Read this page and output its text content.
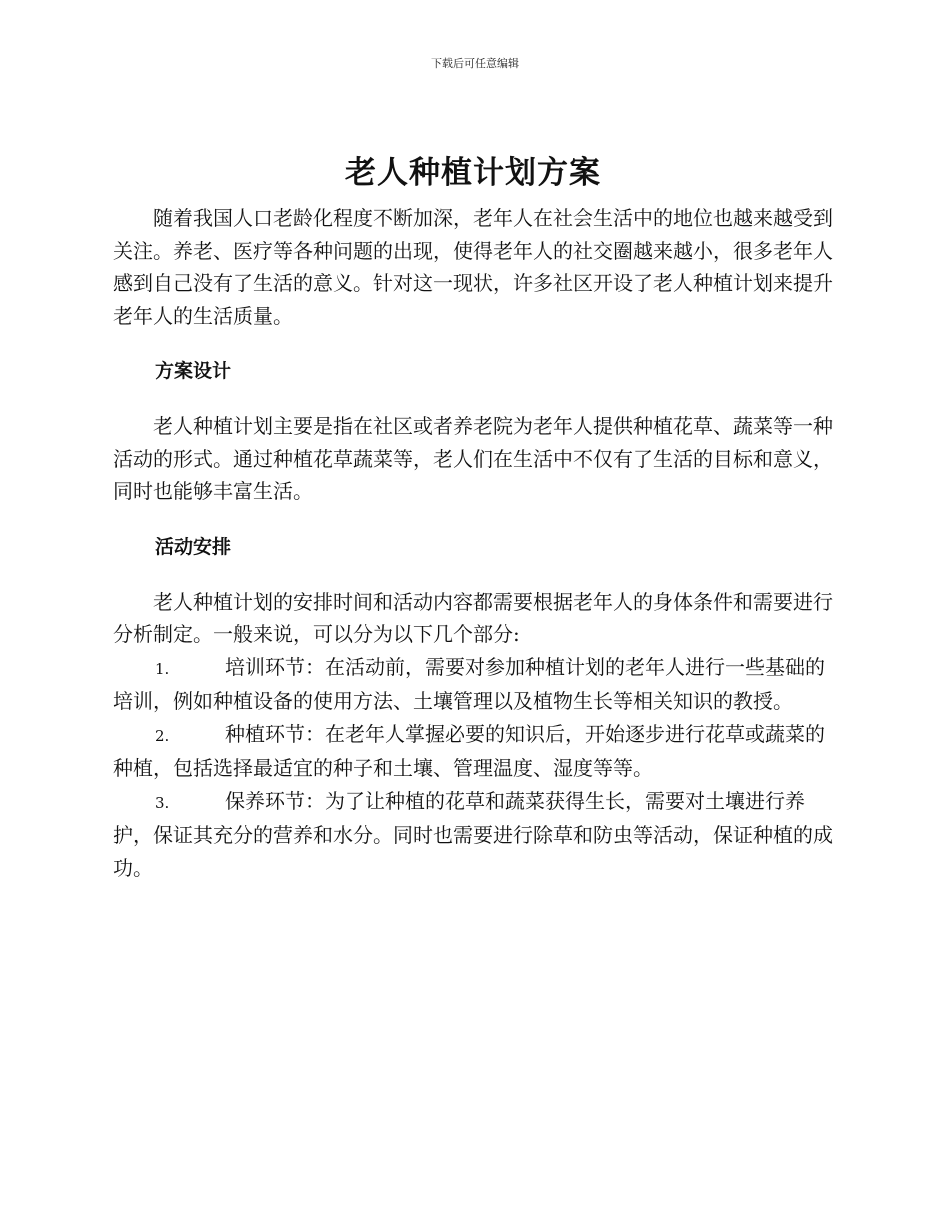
下载后可任意编辑
老人种植计划方案

随着我国人口老龄化程度不断加深，老年人在社会生活中的地位也越来越受到关注。养老、医疗等各种问题的出现，使得老年人的社交圈越来越小，很多老年人感到自己没有了生活的意义。针对这一现状，许多社区开设了老人种植计划来提升老年人的生活质量。

方案设计

老人种植计划主要是指在社区或者养老院为老年人提供种植花草、蔬菜等一种活动的形式。通过种植花草蔬菜等，老人们在生活中不仅有了生活的目标和意义，同时也能够丰富生活。

活动安排

老人种植计划的安排时间和活动内容都需要根据老年人的身体条件和需要进行分析制定。一般来说，可以分为以下几个部分:

1.	培训环节：在活动前，需要对参加种植计划的老年人进行一些基础的培训，例如种植设备的使用方法、土壤管理以及植物生长等相关知识的教授。

2.	种植环节：在老年人掌握必要的知识后，开始逐步进行花草或蔬菜的种植，包括选择最适宜的种子和土壤、管理温度、湿度等等。

3.	保养环节：为了让种植的花草和蔬菜获得生长，需要对土壤进行养护，保证其充分的营养和水分。同时也需要进行除草和防虫等活动，保证种植的成功。
